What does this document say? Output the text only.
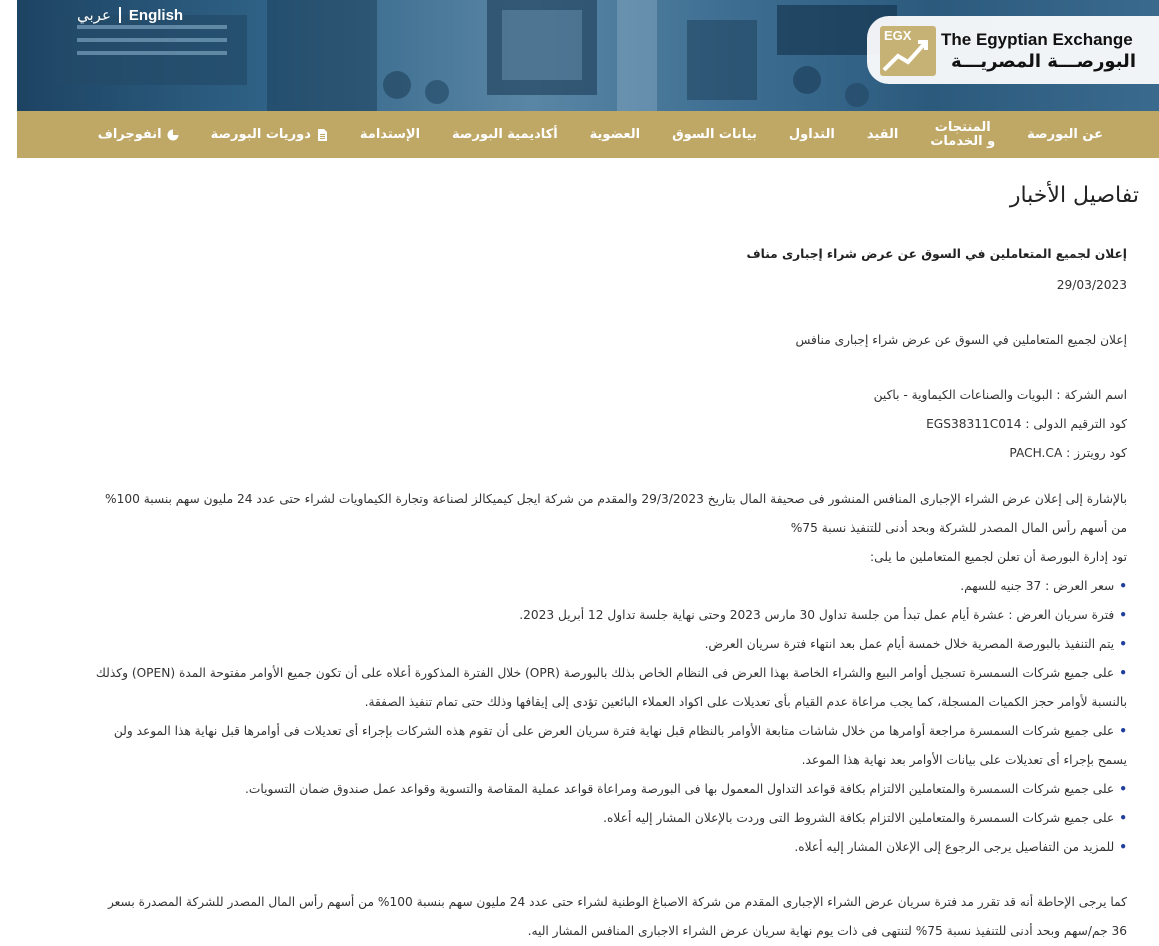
عربي English
EGX The Egyptian Exchange
البورصـــة المصريـــة
عن البورصة
المنتجات
و الخدمات
القيد
التداول
بيانات السوق
العضوية
أكاديمية البورصة
الإستدامة
دوريات البورصة
انفوجراف
تفاصيل الأخبار

إعلان لجميع المتعاملين في السوق عن عرض شراء إجبارى مناف

29/03/2023

إعلان لجميع المتعاملين في السوق عن عرض شراء إجبارى منافس

اسم الشركة : البويات والصناعات الكيماوية - باكين

كود الترقيم الدولى : EGS38311C014

كود رويترز : PACH.CA

بالإشارة إلى إعلان عرض الشراء الإجبارى المنافس المنشور فى صحيفة المال بتاريخ 29/3/2023 والمقدم من شركة ايجل كيميكالز لصناعة وتجارة الكيماويات لشراء حتى عدد 24 مليون سهم بنسبة 100%

من أسهم رأس المال المصدر للشركة وبحد أدنى للتنفيذ نسبة 75%

تود إدارة البورصة أن تعلن لجميع المتعاملين ما يلى:

• سعر العرض : 37 جنيه للسهم.

• فترة سريان العرض : عشرة أيام عمل تبدأ من جلسة تداول 30 مارس 2023 وحتى نهاية جلسة تداول 12 أبريل 2023.

• يتم التنفيذ بالبورصة المصرية خلال خمسة أيام عمل بعد انتهاء فترة سريان العرض.

• على جميع شركات السمسرة تسجيل أوامر البيع والشراء الخاصة بهذا العرض فى النظام الخاص بذلك بالبورصة (OPR) خلال الفترة المذكورة أعلاه على أن تكون جميع الأوامر مفتوحة المدة (OPEN) وكذلك

بالنسبة لأوامر حجز الكميات المسجلة، كما يجب مراعاة عدم القيام بأى تعديلات على اكواد العملاء البائعين تؤدى إلى إيقافها وذلك حتى تمام تنفيذ الصفقة.

• على جميع شركات السمسرة مراجعة أوامرها من خلال شاشات متابعة الأوامر بالنظام قبل نهاية فترة سريان العرض على أن تقوم هذه الشركات بإجراء أى تعديلات فى أوامرها قبل نهاية هذا الموعد ولن

يسمح بإجراء أى تعديلات على بيانات الأوامر بعد نهاية هذا الموعد.

• على جميع شركات السمسرة والمتعاملين الالتزام بكافة قواعد التداول المعمول بها فى البورصة ومراعاة قواعد عملية المقاصة والتسوية وقواعد عمل صندوق ضمان التسويات.

• على جميع شركات السمسرة والمتعاملين الالتزام بكافة الشروط التى وردت بالإعلان المشار إليه أعلاه.

• للمزيد من التفاصيل يرجى الرجوع إلى الإعلان المشار إليه أعلاه.

كما يرجى الإحاطة أنه قد تقرر مد فترة سريان عرض الشراء الإجبارى المقدم من شركة الاصباغ الوطنية لشراء حتى عدد 24 مليون سهم بنسبة 100% من أسهم رأس المال المصدر للشركة المصدرة بسعر

36 جم/سهم وبحد أدنى للتنفيذ نسبة 75% لتنتهى فى ذات يوم نهاية سريان عرض الشراء الاجبارى المنافس المشار اليه.
